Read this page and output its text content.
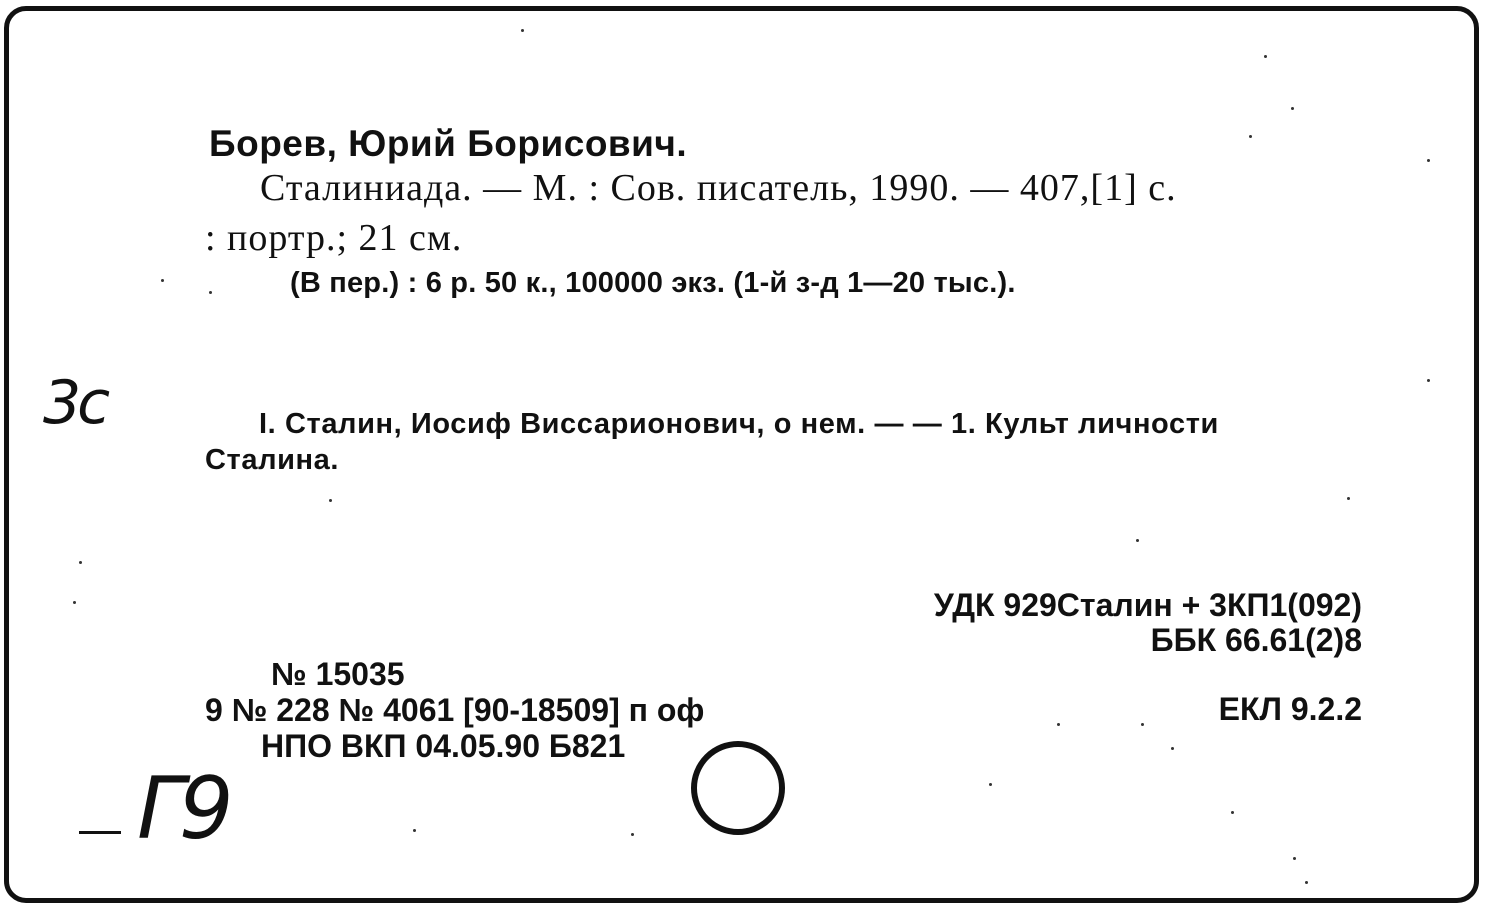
Борев, Юрий Борисович.

Сталиниада. — М. : Сов. писатель, 1990. — 407,[1] с.

: портр.; 21 см.

(В пер.) : 6 р. 50 к., 100000 экз. (1-й з-д 1—20 тыс.).

I. Сталин, Иосиф Виссарионович, о нем. — — 1. Культ личности

Сталина.

УДК 929Сталин + 3КП1(092)

ББК 66.61(2)8

ЕКЛ 9.2.2

№ 15035

9 № 228 № 4061 [90-18509] п оф

НПО ВКП 04.05.90 Б821

3c

Г9
